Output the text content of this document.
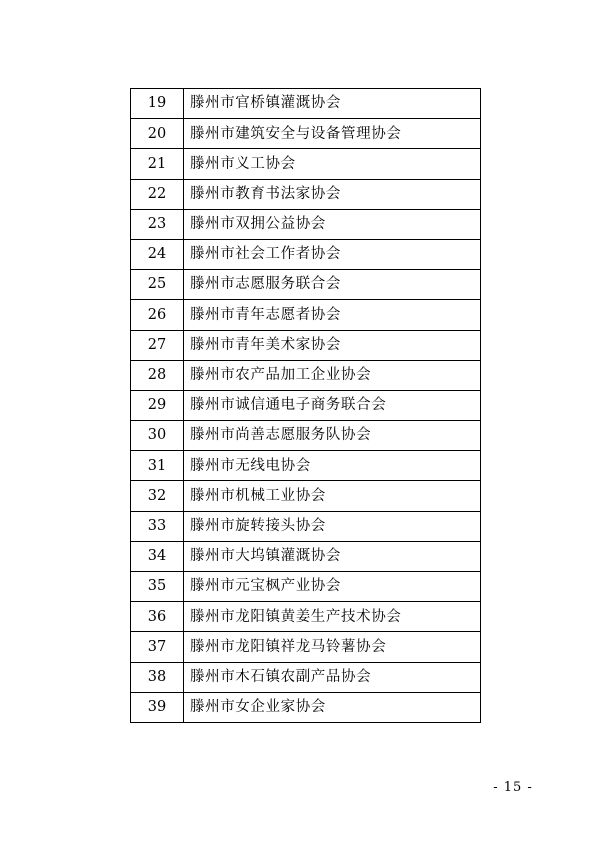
19	滕州市官桥镇灌溉协会
20	滕州市建筑安全与设备管理协会
21	滕州市义工协会
22	滕州市教育书法家协会
23	滕州市双拥公益协会
24	滕州市社会工作者协会
25	滕州市志愿服务联合会
26	滕州市青年志愿者协会
27	滕州市青年美术家协会
28	滕州市农产品加工企业协会
29	滕州市诚信通电子商务联合会
30	滕州市尚善志愿服务队协会
31	滕州市无线电协会
32	滕州市机械工业协会
33	滕州市旋转接头协会
34	滕州市大坞镇灌溉协会
35	滕州市元宝枫产业协会
36	滕州市龙阳镇黄姜生产技术协会
37	滕州市龙阳镇祥龙马铃薯协会
38	滕州市木石镇农副产品协会
39	滕州市女企业家协会
- 15 -
